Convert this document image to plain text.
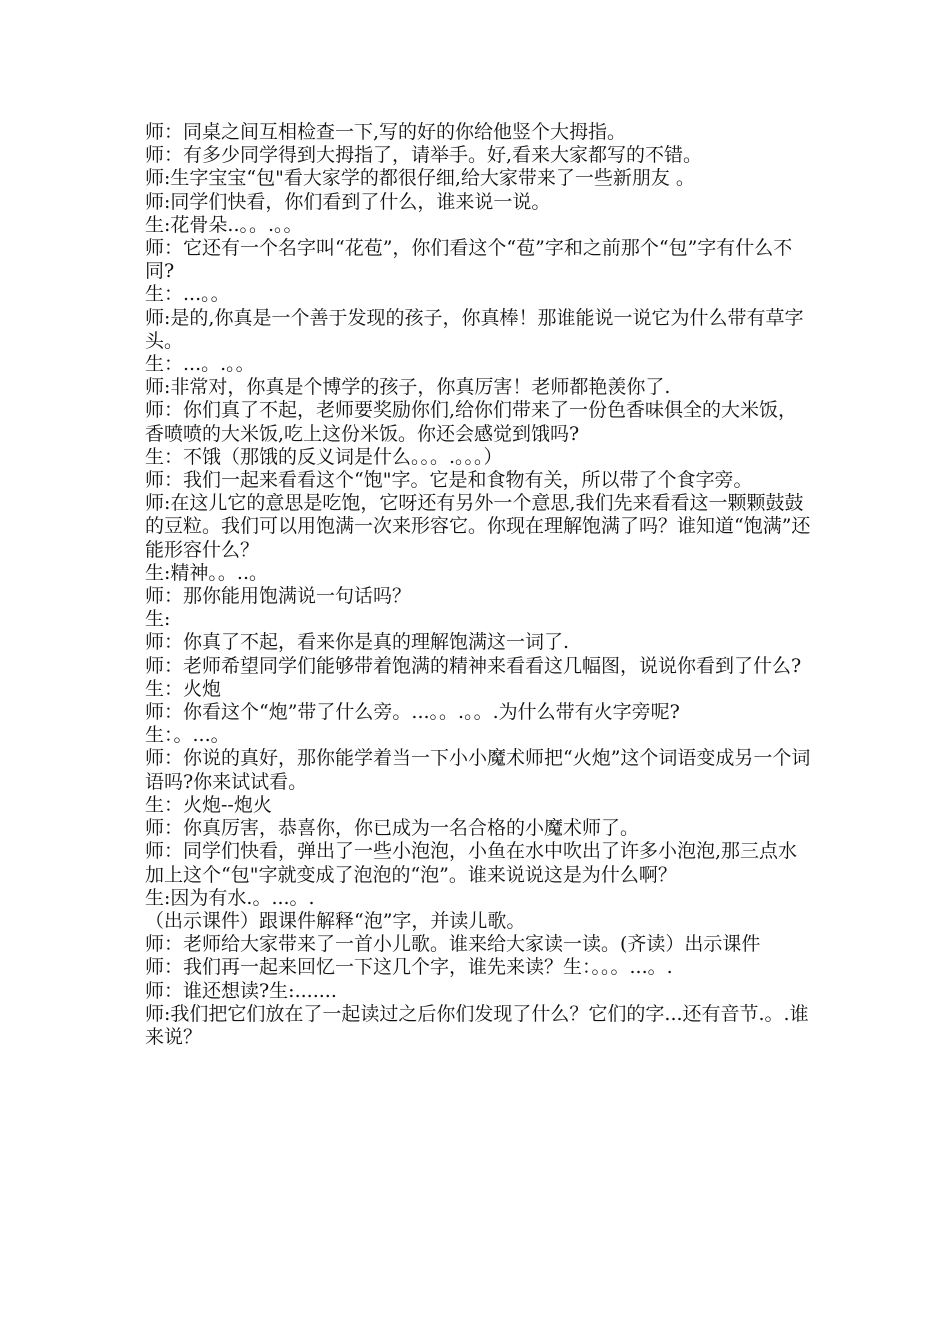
师：同桌之间互相检查一下,写的好的你给他竖个大拇指。

师：有多少同学得到大拇指了，请举手。好,看来大家都写的不错。

师:生字宝宝“包"看大家学的都很仔细,给大家带来了一些新朋友 。

师:同学们快看，你们看到了什么，谁来说一说。

生:花骨朵..。。.。。

师：它还有一个名字叫“花苞”，你们看这个“苞”字和之前那个“包”字有什么不同?

生：...。。

师:是的,你真是一个善于发现的孩子，你真棒！那谁能说一说它为什么带有草字头。

生：...。.。。

师:非常对，你真是个博学的孩子，你真厉害！老师都艳羡你了.

师：你们真了不起，老师要奖励你们,给你们带来了一份色香味俱全的大米饭，香喷喷的大米饭,吃上这份米饭。你还会感觉到饿吗?

生：不饿（那饿的反义词是什么。。。.。。。）

师：我们一起来看看这个“饱"字。它是和食物有关，所以带了个食字旁。

师:在这儿它的意思是吃饱，它呀还有另外一个意思,我们先来看看这一颗颗鼓鼓的豆粒。我们可以用饱满一次来形容它。你现在理解饱满了吗？谁知道“饱满”还能形容什么？

生:精神。。..。

师：那你能用饱满说一句话吗？

生:

师：你真了不起，看来你是真的理解饱满这一词了.

师：老师希望同学们能够带着饱满的精神来看看这几幅图，说说你看到了什么?

生：火炮

师：你看这个“炮”带了什么旁。...。。.。。.为什么带有火字旁呢?

生：。...。

师：你说的真好，那你能学着当一下小小魔术师把“火炮”这个词语变成另一个词语吗?你来试试看。

生：火炮--炮火

师：你真厉害，恭喜你，你已成为一名合格的小魔术师了。

师：同学们快看，弹出了一些小泡泡，小鱼在水中吹出了许多小泡泡,那三点水加上这个“包"字就变成了泡泡的“泡”。谁来说说这是为什么啊？

生:因为有水.。...。.

（出示课件）跟课件解释“泡”字，并读儿歌。

师：老师给大家带来了一首小儿歌。谁来给大家读一读。(齐读）出示课件

师：我们再一起来回忆一下这几个字，谁先来读？生：。。。...。.

师：谁还想读?生:.......

师:我们把它们放在了一起读过之后你们发现了什么？它们的字...还有音节.。.谁来说？
